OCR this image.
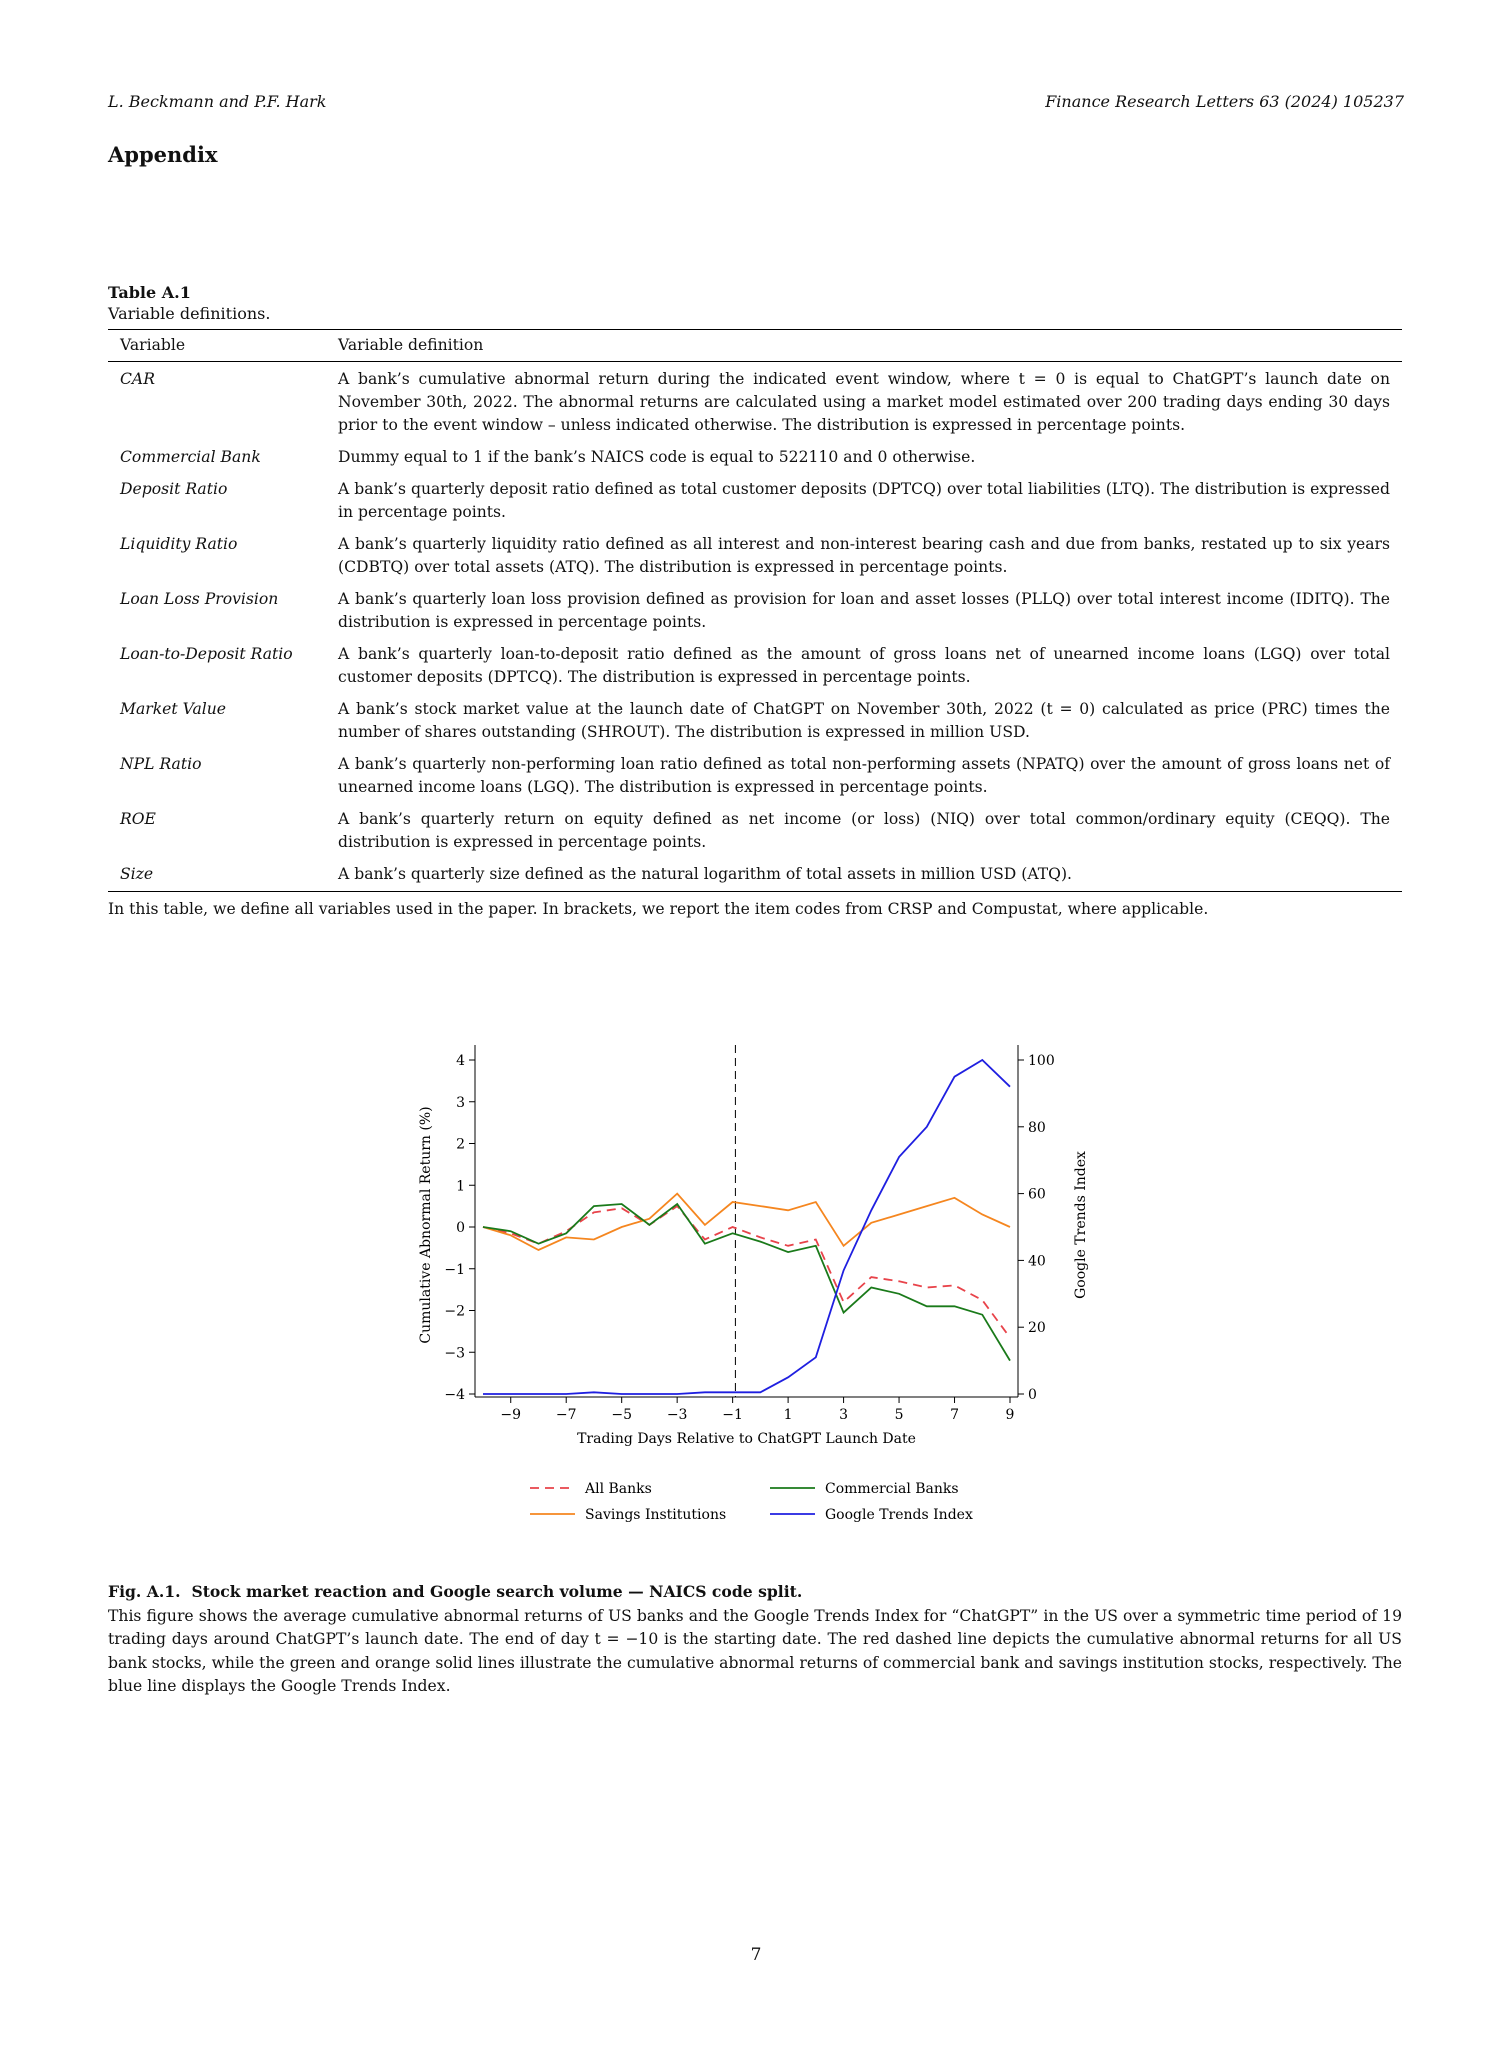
L. Beckmann and P.F. Hark	Finance Research Letters 63 (2024) 105237
Appendix
Table A.1
Variable definitions.
Variable	Variable definition
CAR	A bank’s cumulative abnormal return during the indicated event window, where t = 0 is equal to ChatGPT’s launch date on November 30th, 2022. The abnormal returns are calculated using a market model estimated over 200 trading days ending 30 days prior to the event window – unless indicated otherwise. The distribution is expressed in percentage points.
Commercial Bank	Dummy equal to 1 if the bank’s NAICS code is equal to 522110 and 0 otherwise.
Deposit Ratio	A bank’s quarterly deposit ratio defined as total customer deposits (DPTCQ) over total liabilities (LTQ). The distribution is expressed in percentage points.
Liquidity Ratio	A bank’s quarterly liquidity ratio defined as all interest and non-interest bearing cash and due from banks, restated up to six years (CDBTQ) over total assets (ATQ). The distribution is expressed in percentage points.
Loan Loss Provision	A bank’s quarterly loan loss provision defined as provision for loan and asset losses (PLLQ) over total interest income (IDITQ). The distribution is expressed in percentage points.
Loan-to-Deposit Ratio	A bank’s quarterly loan-to-deposit ratio defined as the amount of gross loans net of unearned income loans (LGQ) over total customer deposits (DPTCQ). The distribution is expressed in percentage points.
Market Value	A bank’s stock market value at the launch date of ChatGPT on November 30th, 2022 (t = 0) calculated as price (PRC) times the number of shares outstanding (SHROUT). The distribution is expressed in million USD.
NPL Ratio	A bank’s quarterly non-performing loan ratio defined as total non-performing assets (NPATQ) over the amount of gross loans net of unearned income loans (LGQ). The distribution is expressed in percentage points.
ROE	A bank’s quarterly return on equity defined as net income (or loss) (NIQ) over total common/ordinary equity (CEQQ). The distribution is expressed in percentage points.
Size	A bank’s quarterly size defined as the natural logarithm of total assets in million USD (ATQ).
In this table, we define all variables used in the paper. In brackets, we report the item codes from CRSP and Compustat, where applicable.
−4
−3
−2
−1
0
1
2
3
4
0
20
40
60
80
100
−9 −7 −5 −3 −1	1	3	5	7	9
Trading Days Relative to ChatGPT Launch Date
Cumulative Abnormal Return (%)	Google Trends Index
All Banks	Commercial Banks
Savings Institutions	Google Trends Index
Fig. A.1. Stock market reaction and Google search volume — NAICS code split.
This figure shows the average cumulative abnormal returns of US banks and the Google Trends Index for “ChatGPT” in the US over a symmetric time period of 19 trading days around ChatGPT’s launch date. The end of day t = −10 is the starting date. The red dashed line depicts the cumulative abnormal returns for all US bank stocks, while the green and orange solid lines illustrate the cumulative abnormal returns of commercial bank and savings institution stocks, respectively. The blue line displays the Google Trends Index.
7
